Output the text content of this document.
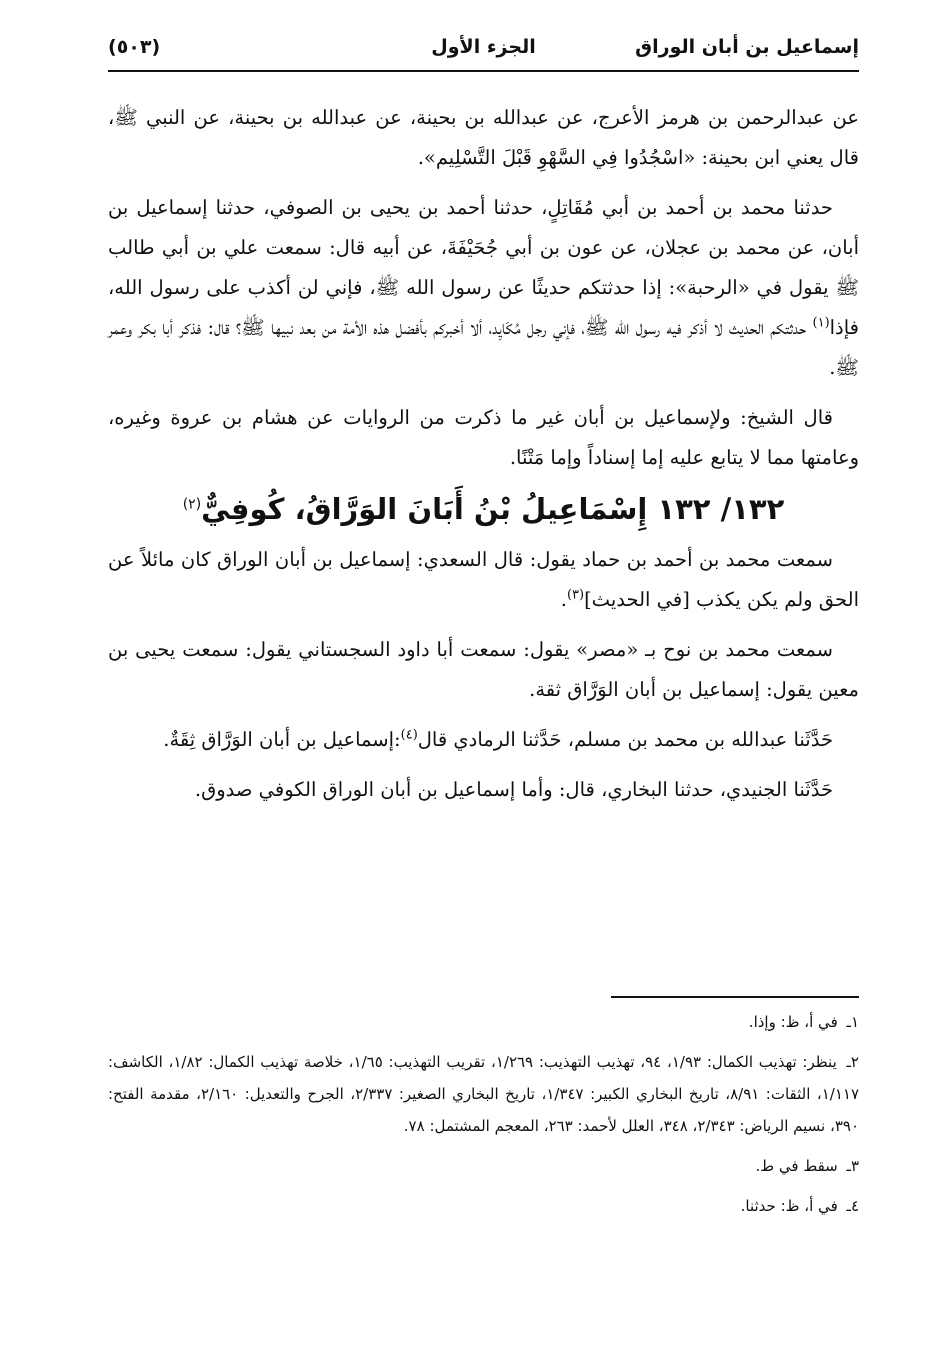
إسماعيل بن أبان الوراق
الجزء الأول
(٥٠٣)

عن عبدالرحمن بن هرمز الأعرج، عن عبدالله بن بحينة، عن عبدالله بن بحينة، عن النبي ﷺ، قال يعني ابن بحينة: «اسْجُدُوا فِي السَّهْوِ قَبْلَ التَّسْلِيم».

حدثنا محمد بن أحمد بن أبي مُقَاتِلٍ، حدثنا أحمد بن يحيى بن الصوفي، حدثنا إسماعيل بن أبان، عن محمد بن عجلان، عن عون بن أبي جُحَيْفَةَ، عن أبيه قال: سمعت علي بن أبي طالب ﷺ يقول في «الرحبة»: إذا حدثتكم حديثًا عن رسول الله ﷺ، فإني لن أكذب على رسول الله، فإذا$^{(١)}$ حدثتكم الحديث لا أذكر فيه رسول الله ﷺ، فإني رجل مُكَايِد، ألا أخبركم بأفضل هذه الأمة من بعد نبيها ﷺ؟ قال: فذكر أبا بكر وعمر ﷺ.

قال الشيخ: ولإسماعيل بن أبان غير ما ذكرت من الروايات عن هشام بن عروة وغيره، وعامتها مما لا يتابع عليه إما إسناداً وإما مَتْنًا.

١٣٢/ ١٣٢ إِسْمَاعِيلُ بْنُ أَبَانَ الوَرَّاقُ، كُوفِيٌّ$^{(٢)}$

سمعت محمد بن أحمد بن حماد يقول: قال السعدي: إسماعيل بن أبان الوراق كان مائلاً عن الحق ولم يكن يكذب [في الحديث]$^{(٣)}$.

سمعت محمد بن نوح بـ «مصر» يقول: سمعت أبا داود السجستاني يقول: سمعت يحيى بن معين يقول: إسماعيل بن أبان الوَرَّاق ثقة.

حَدَّثَنا عبدالله بن محمد بن مسلم، حَدَّثنا الرمادي قال$^{(٤)}$:إسماعيل بن أبان الوَرَّاق ثِقَةٌ.

حَدَّثَنا الجنيدي، حدثنا البخاري، قال: وأما إسماعيل بن أبان الوراق الكوفي صدوق.

١ـ في أ، ظ: وإذا.
٢ـ ينظر: تهذيب الكمال: ١/٩٣، ٩٤، تهذيب التهذيب: ١/٢٦٩، تقريب التهذيب: ١/٦٥، خلاصة تهذيب الكمال: ١/٨٢، الكاشف: ١/١١٧، الثقات: ٨/٩١، تاريخ البخاري الكبير: ١/٣٤٧، تاريخ البخاري الصغير: ٢/٣٣٧، الجرح والتعديل: ٢/١٦٠، مقدمة الفتح: ٣٩٠، نسيم الرياض: ٢/٣٤٣، ٣٤٨، العلل لأحمد: ٢٦٣، المعجم المشتمل: ٧٨.
٣ـ سقط في ط.
٤ـ في أ، ظ: حدثنا.
